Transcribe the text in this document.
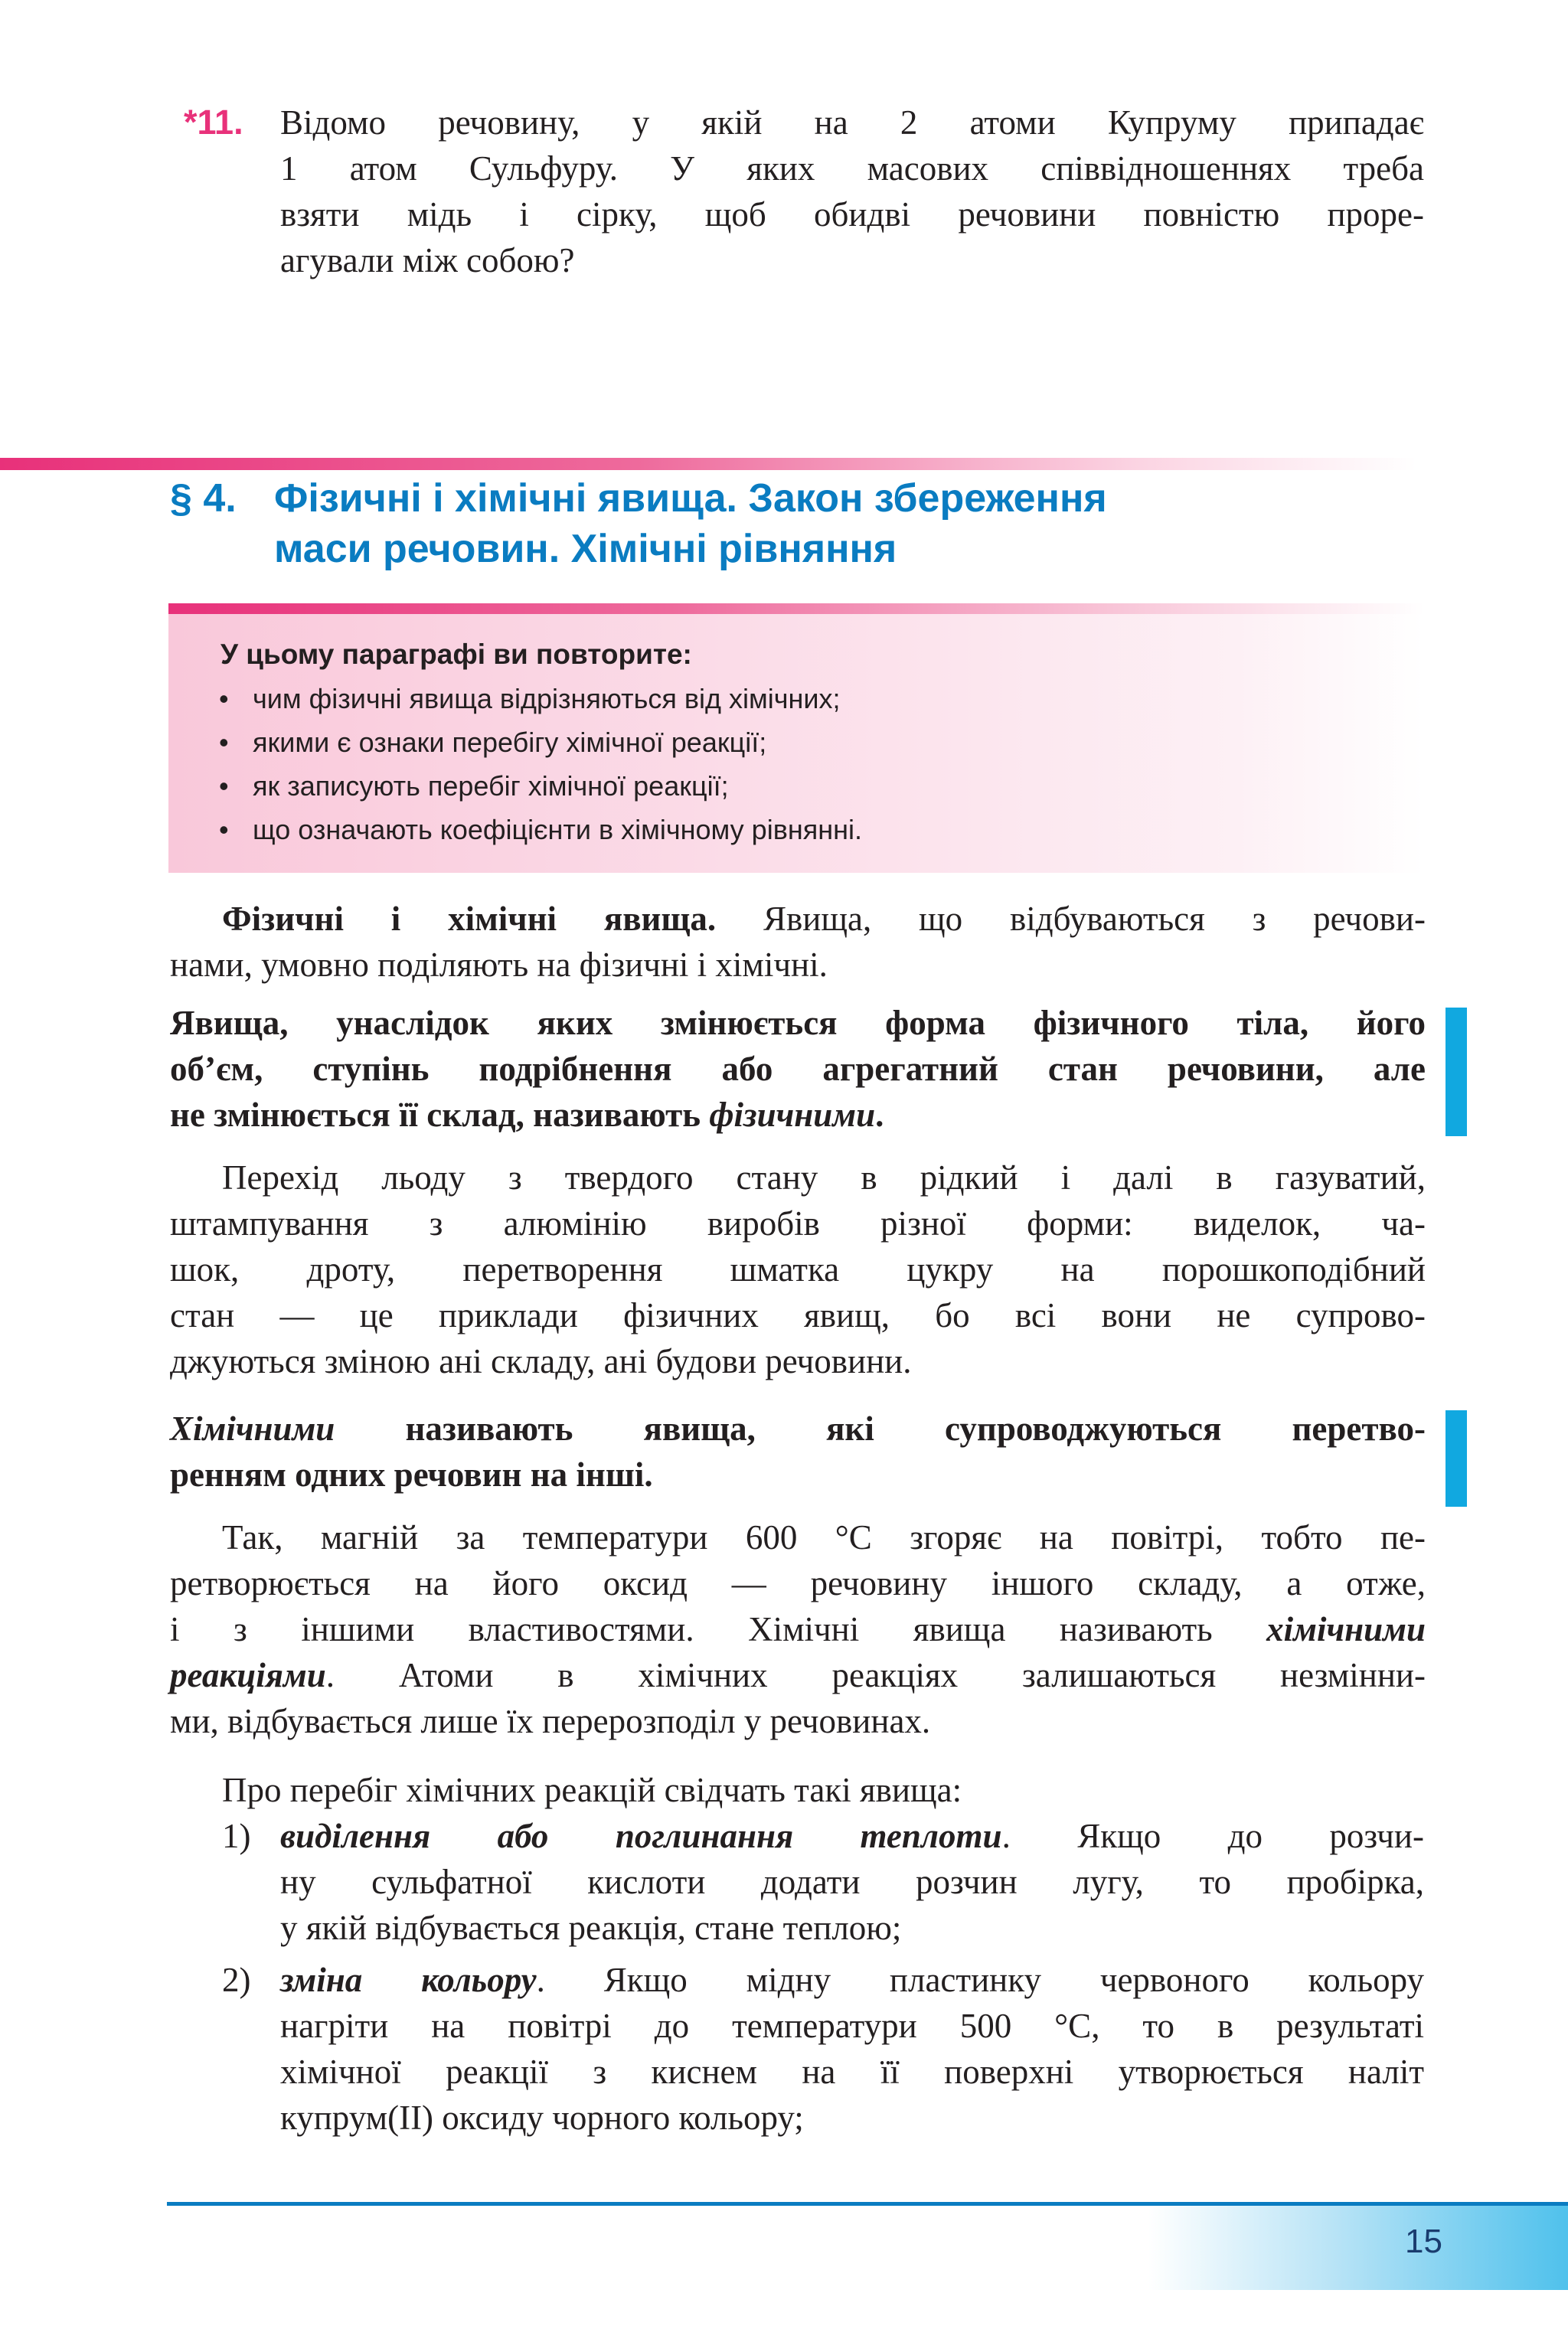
*11. Відомо речовину, у якій на 2 атоми Купруму припадає
1 атом Сульфуру. У яких масових співвідношеннях треба
взяти мідь і сірку, щоб обидві речовини повністю проре-
агували між собою?
§ 4. Фізичні і хімічні явища. Закон збереження
маси речовин. Хімічні рівняння
У цьому параграфі ви повторите:
• чим фізичні явища відрізняються від хімічних;
• якими є ознаки перебігу хімічної реакції;
• як записують перебіг хімічної реакції;
• що означають коефіцієнти в хімічному рівнянні.
Фізичні і хімічні явища. Явища, що відбуваються з речови-
нами, умовно поділяють на фізичні і хімічні.
Явища, унаслідок яких змінюється форма фізичного тіла, його
об’єм, ступінь подрібнення або агрегатний стан речовини, але
не змінюється її склад, називають фізичними.
Перехід льоду з твердого стану в рідкий і далі в газуватий,
штампування з алюмінію виробів різної форми: виделок, ча-
шок, дроту, перетворення шматка цукру на порошкоподібний
стан — це приклади фізичних явищ, бо всі вони не супрово-
джуються зміною ані складу, ані будови речовини.
Хімічними називають явища, які супроводжуються перетво-
ренням одних речовин на інші.
Так, магній за температури 600 °C згоряє на повітрі, тобто пе-
ретворюється на його оксид — речовину іншого складу, а отже,
і з іншими властивостями. Хімічні явища називають хімічними
реакціями. Атоми в хімічних реакціях залишаються незмінни-
ми, відбувається лише їх перерозподіл у речовинах.
Про перебіг хімічних реакцій свідчать такі явища:
1) виділення або поглинання теплоти. Якщо до розчи-
ну сульфатної кислоти додати розчин лугу, то пробірка,
у якій відбувається реакція, стане теплою;
2) зміна кольору. Якщо мідну пластинку червоного кольору
нагріти на повітрі до температури 500 °C, то в результаті
хімічної реакції з киснем на її поверхні утворюється наліт
купрум(II) оксиду чорного кольору;
15
